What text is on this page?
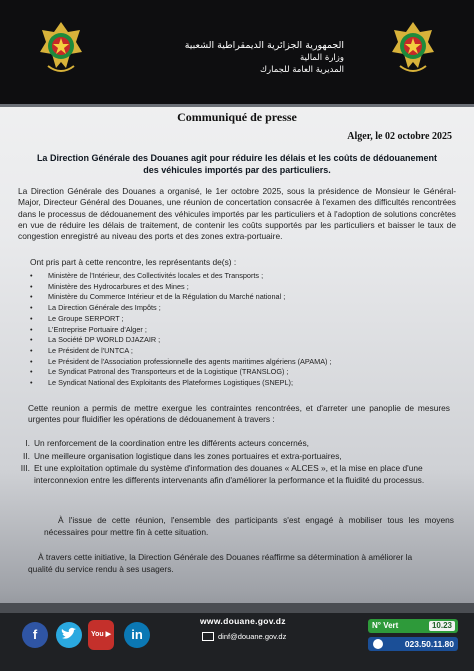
الجمهورية الجزائرية الديمقراطية الشعبية
وزارة المالية
المديرية العامة للجمارك
Communiqué de presse
Alger, le 02 octobre 2025
La Direction Générale des Douanes agit pour réduire les délais et les coûts de dédouanement des véhicules importés par des particuliers.
La Direction Générale des Douanes a organisé, le 1er octobre 2025, sous la présidence de Monsieur le Général-Major, Directeur Général des Douanes, une réunion de concertation consacrée à l'examen des difficultés rencontrées dans le processus de dédouanement des véhicules importés par les particuliers et à l'adoption de solutions concrètes en vue de réduire les délais de traitement, de contenir les coûts supportés par les particuliers et baisser le taux de congestion enregistré au niveau des ports et des zones extra-portuaire.
Ont pris part à cette rencontre, les représentants de(s) :
• Ministère de l'Intérieur, des Collectivités locales et des Transports ;
• Ministère des Hydrocarbures et des Mines ;
• Ministère du Commerce Intérieur et de la Régulation du Marché national ;
• La Direction Générale des Impôts ;
• Le Groupe SERPORT ;
• L'Entreprise Portuaire d'Alger ;
• La Société DP WORLD DJAZAIR ;
• Le Président de l'UNTCA ;
• Le Président de l'Association professionnelle des agents maritimes algériens (APAMA) ;
• Le Syndicat Patronal des Transporteurs et de la Logistique (TRANSLOG) ;
• Le Syndicat National des Exploitants des Plateformes Logistiques (SNEPL);
Cette reunion a permis de mettre exergue les contraintes rencontrées, et d'arreter une panoplie de mesures urgentes pour fluidifier les opérations de dédouanement à travers :
I. Un renforcement de la coordination entre les différents acteurs concernés,
II. Une meilleure organisation logistique dans les zones portuaires et extra-portuaires,
III. Et une exploitation optimale du système d'information des douanes « ALCES », et la mise en place d'une interconnexion entre les differents intervenants afin d'améliorer la performance et la fluidité du processus.
À l'issue de cette réunion, l'ensemble des participants s'est engagé à mobiliser tous les moyens nécessaires pour mettre fin à cette situation.
À travers cette initiative, la Direction Générale des Douanes réaffirme sa détermination à améliorer la qualité du service rendu à ses usagers.
f	You ▶	in
www.douane.gov.dz
dinf@douane.gov.dz
N° Vert	10.23
023.50.11.80
